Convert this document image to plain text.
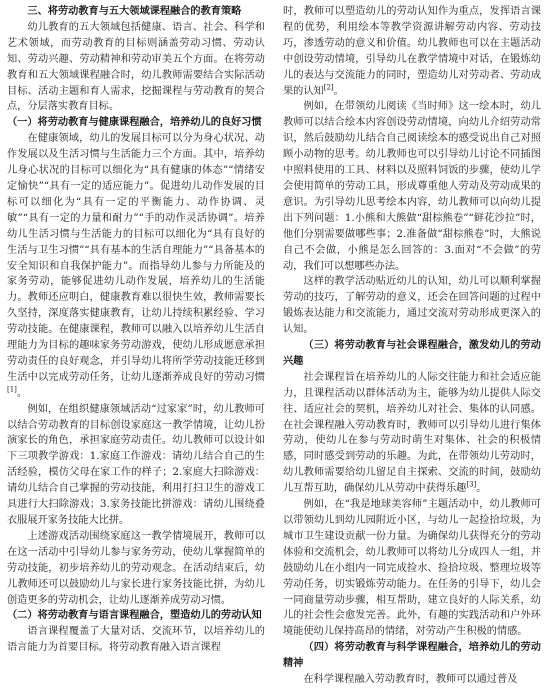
三、将劳动教育与五大领域课程融合的教育策略

幼儿教育的五大领域包括健康、语言、社会、科学和艺术领域，而劳动教育的目标则涵盖劳动习惯、劳动认知、劳动兴趣、劳动精神和劳动审美五个方面。在将劳动教育和五大领域课程融合时，幼儿教师需要结合实际活动目标、活动主题和育人需求，挖掘课程与劳动教育的契合点，分层落实教育目标。

（一）将劳动教育与健康课程融合，培养幼儿的良好习惯

在健康领域，幼儿的发展目标可以分为身心状况、动作发展以及生活习惯与生活能力三个方面。其中，培养幼儿身心状况的目标可以细化为“具有健康的体态”“情绪安定愉快”“具有一定的适应能力”。促进幼儿动作发展的目标可以细化为“具有一定的平衡能力、动作协调、灵敏”“具有一定的力量和耐力”“手的动作灵活协调”。培养幼儿生活习惯与生活能力的目标可以细化为“具有良好的生活与卫生习惯”“具有基本的生活自理能力”“具备基本的安全知识和自我保护能力”。而指导幼儿参与力所能及的家务劳动，能够促进幼儿动作发展，培养幼儿的生活能力。教师还应明白，健康教育难以很快生效，教师需要长久坚持，深度落实健康教育，让幼儿持续积累经验、学习劳动技能。在健康课程，教师可以融入以培养幼儿生活自理能力为目标的趣味家务劳动游戏，使幼儿形成愿意承担劳动责任的良好观念，并引导幼儿将所学劳动技能迁移到生活中以完成劳动任务，让幼儿逐渐养成良好的劳动习惯[1]。

例如，在组织健康领域活动“过家家”时，幼儿教师可以结合劳动教育的目标创设家庭这一教学情境，让幼儿扮演家长的角色，承担家庭劳动责任。幼儿教师可以设计如下三项教学游戏：1.家庭工作游戏：请幼儿结合自己的生活经验，模仿父母在家工作的样子；2.家庭大扫除游戏：请幼儿结合自己掌握的劳动技能，利用打扫卫生的游戏工具进行大扫除游戏；3.家务技能比拼游戏：请幼儿围绕叠衣服展开家务技能大比拼。

上述游戏活动围绕家庭这一教学情境展开，教师可以在这一活动中引导幼儿参与家务劳动，使幼儿掌握简单的劳动技能，初步培养幼儿的劳动观念。在活动结束后，幼儿教师还可以鼓励幼儿与家长进行家务技能比拼，为幼儿创造更多的劳动机会，让幼儿逐渐养成劳动习惯。

（二）将劳动教育与语言课程融合，塑造幼儿的劳动认知

语言课程覆盖了大量对话、交流环节，以培养幼儿的语言能力为首要目标。将劳动教育融入语言课程

时，教师可以塑造幼儿的劳动认知作为重点，发挥语言课程的优势，利用绘本等教学资源讲解劳动内容、劳动技巧，渗透劳动的意义和价值。幼儿教师也可以在主题活动中创设劳动情境，引导幼儿在教学情境中对话，在锻炼幼儿的表达与交流能力的同时，塑造幼儿对劳动者、劳动成果的认知[2]。

例如，在带领幼儿阅读《当时师》这一绘本时，幼儿教师可以结合绘本内容创设劳动情境，向幼儿介绍劳动常识，然后鼓励幼儿结合自己阅读绘本的感受说出自己对照顾小动物的思考。幼儿教师也可以引导幼儿讨论不同插图中照料使用的工具、材料以及照料饲饭的步骤，使幼儿学会使用简单的劳动工具，形成尊重他人劳动及劳动成果的意识。为引导幼儿思考绘本内容，幼儿教师可以向幼儿提出下列问题：1.小熊和大熊做“甜棕熊卷”“鲜花沙拉”时，他们分别需要做哪些事；2.准备做“甜棕熊卷”时，大熊说自己不会做，小熊是怎么回答的：3.面对“不会做”的劳动，我们可以想哪些办法。

这样的教学活动贴近幼儿的认知，幼儿可以顺利掌握劳动的技巧，了解劳动的意义，还会在回答问题的过程中锻炼表达能力和交流能力，通过交流对劳动形成更深入的认知。

（三）将劳动教育与社会课程融合，激发幼儿的劳动兴趣

社会课程旨在培养幼儿的人际交往能力和社会适应能力，且课程活动以群体活动为主，能够为幼儿提供人际交往、适应社会的契机，培养幼儿对社会、集体的认同感。在社会课程融入劳动教育时，教师可以引导幼儿进行集体劳动，使幼儿在参与劳动时萌生对集体、社会的积极情感，同时感受到劳动的乐趣。为此，在带领幼儿劳动时，幼儿教师需要给幼儿留足自主探索、交流的时间，鼓励幼儿互帮互助，确保幼儿从劳动中获得乐趣[3]。

例如，在“我是地球美容师”主题活动中，幼儿教师可以带领幼儿到幼儿园附近小区，与幼儿一起捡拾垃圾，为城市卫生建设贡献一份力量。为确保幼儿获得充分的劳动体验和交流机会，幼儿教师可以将幼儿分成四人一组，并鼓励幼儿在小组内一同完成捡水、捡拾垃圾、整理垃圾等劳动任务，切实锻炼劳动能力。在任务的引导下，幼儿会一同商量劳动步骤，相互帮助，建立良好的人际关系，幼儿的社会性会愈发完善。此外，有趣的实践活动和户外环境能使幼儿保持高昂的情绪，对劳动产生积极的情感。

（四）将劳动教育与科学课程融合，培养幼儿的劳动精神

在科学课程融入劳动教育时，教师可以通过普及
